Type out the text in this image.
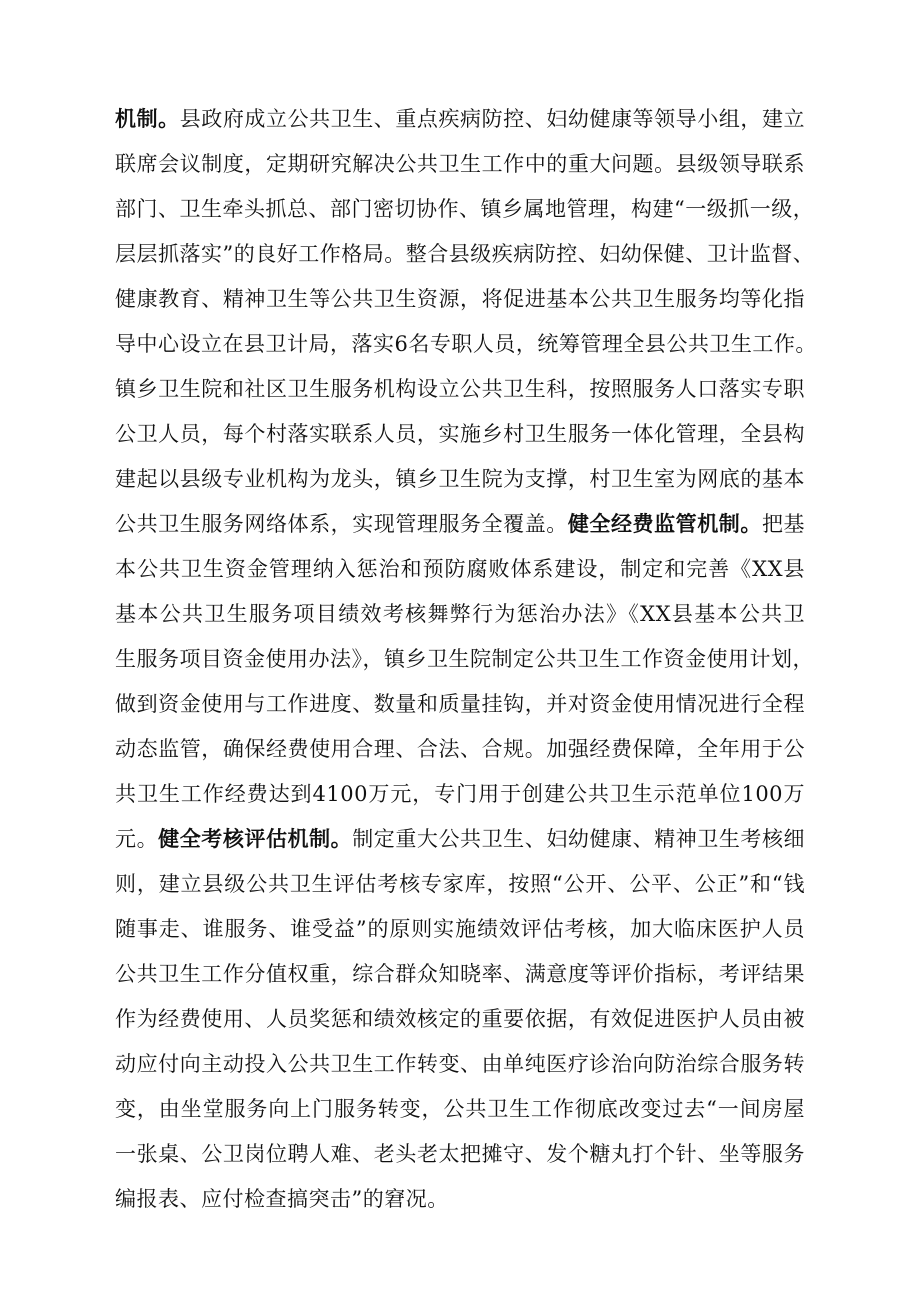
机制。县政府成立公共卫生、重点疾病防控、妇幼健康等领导小组，建立
联席会议制度，定期研究解决公共卫生工作中的重大问题。县级领导联系
部门、卫生牵头抓总、部门密切协作、镇乡属地管理，构建“一级抓一级，
层层抓落实”的良好工作格局。整合县级疾病防控、妇幼保健、卫计监督、
健康教育、精神卫生等公共卫生资源，将促进基本公共卫生服务均等化指
导中心设立在县卫计局，落实6名专职人员，统筹管理全县公共卫生工作。
镇乡卫生院和社区卫生服务机构设立公共卫生科，按照服务人口落实专职
公卫人员，每个村落实联系人员，实施乡村卫生服务一体化管理，全县构
建起以县级专业机构为龙头，镇乡卫生院为支撑，村卫生室为网底的基本
公共卫生服务网络体系，实现管理服务全覆盖。健全经费监管机制。把基
本公共卫生资金管理纳入惩治和预防腐败体系建设，制定和完善《XX县
基本公共卫生服务项目绩效考核舞弊行为惩治办法》《XX县基本公共卫
生服务项目资金使用办法》，镇乡卫生院制定公共卫生工作资金使用计划，
做到资金使用与工作进度、数量和质量挂钩，并对资金使用情况进行全程
动态监管，确保经费使用合理、合法、合规。加强经费保障，全年用于公
共卫生工作经费达到4100万元，专门用于创建公共卫生示范单位100万
元。健全考核评估机制。制定重大公共卫生、妇幼健康、精神卫生考核细
则，建立县级公共卫生评估考核专家库，按照“公开、公平、公正”和“钱
随事走、谁服务、谁受益”的原则实施绩效评估考核，加大临床医护人员
公共卫生工作分值权重，综合群众知晓率、满意度等评价指标，考评结果
作为经费使用、人员奖惩和绩效核定的重要依据，有效促进医护人员由被
动应付向主动投入公共卫生工作转变、由单纯医疗诊治向防治综合服务转
变，由坐堂服务向上门服务转变，公共卫生工作彻底改变过去“一间房屋
一张桌、公卫岗位聘人难、老头老太把摊守、发个糖丸打个针、坐等服务
编报表、应付检查搞突击”的窘况。
